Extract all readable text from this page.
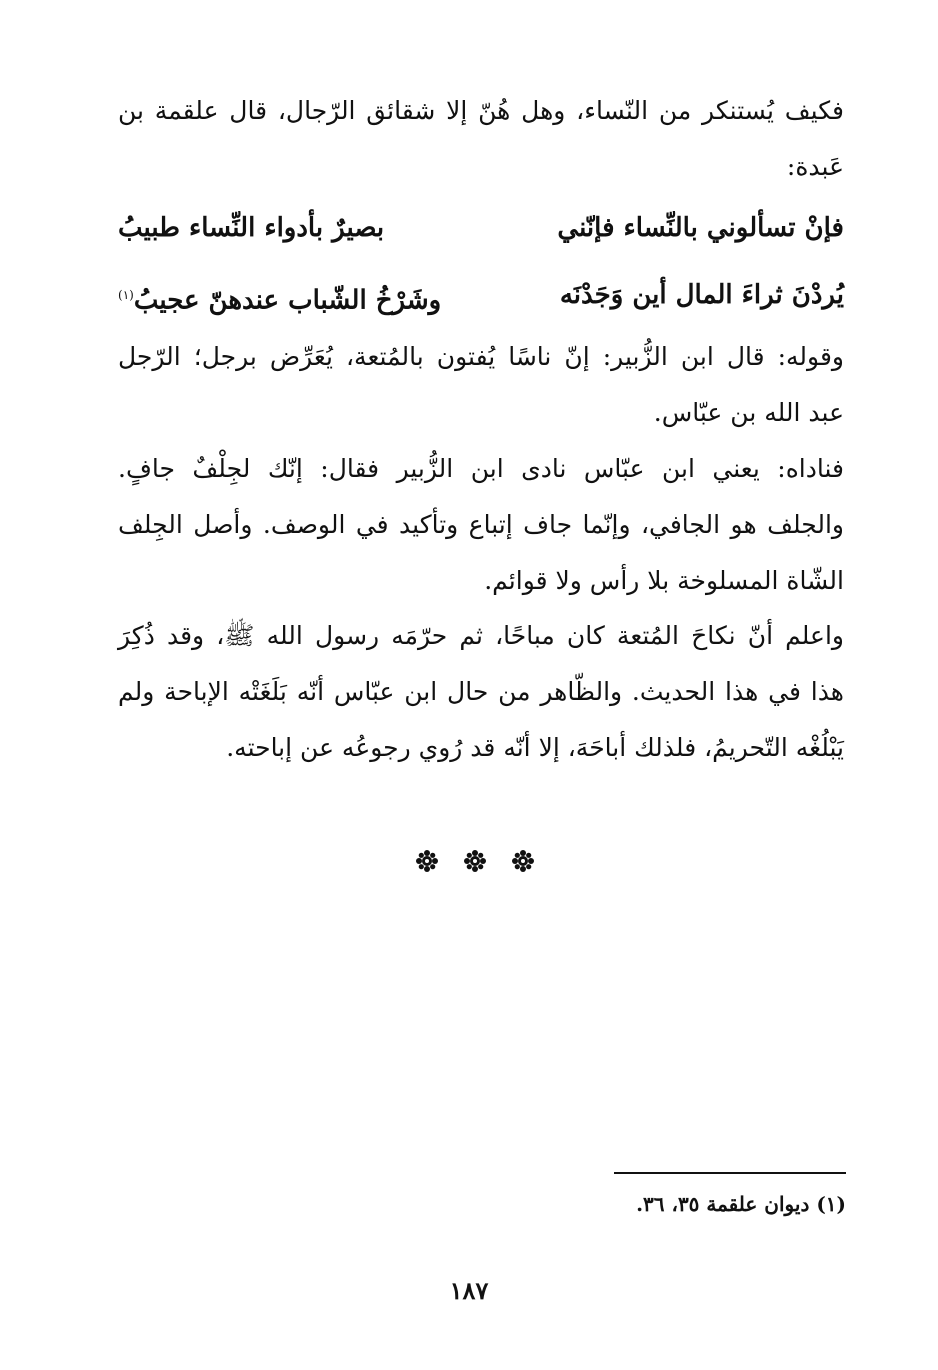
فكيف يُستنكر من النّساء، وهل هُنّ إلا شقائق الرّجال، قال علقمة بن
عَبدة:
فإنْ تسألوني بالنِّساء فإنّني
بصيرٌ بأدواء النِّساء طبيبُ
يُردْنَ ثراءَ المال أين وَجَدْنَه
وشَرْخُ الشّباب عندهنّ عجيبُ$^{(١)}$
وقوله: قال ابن الزُّبير: إنّ ناسًا يُفتون بالمُتعة، يُعَرِّض برجل؛ الرّجل
عبد الله بن عبّاس.
فناداه: يعني ابن عبّاس نادى ابن الزُّبير فقال: إنّك لجِلْفٌ جافٍ.
والجلف هو الجافي، وإنّما جاف إتباع وتأكيد في الوصف. وأصل الجِلف
الشّاة المسلوخة بلا رأس ولا قوائم.
واعلم أنّ نكاحَ المُتعة كان مباحًا، ثم حرّمَه رسول الله ﷺ، وقد ذُكِرَ
هذا في هذا الحديث. والظّاهر من حال ابن عبّاس أنّه بَلَغَتْه الإباحة ولم
يَبْلُغْه التّحريمُ، فلذلك أباحَهَ، إلا أنّه قد رُوي رجوعُه عن إباحته.
(١) ديوان علقمة ٣٥، ٣٦.
١٨٧
